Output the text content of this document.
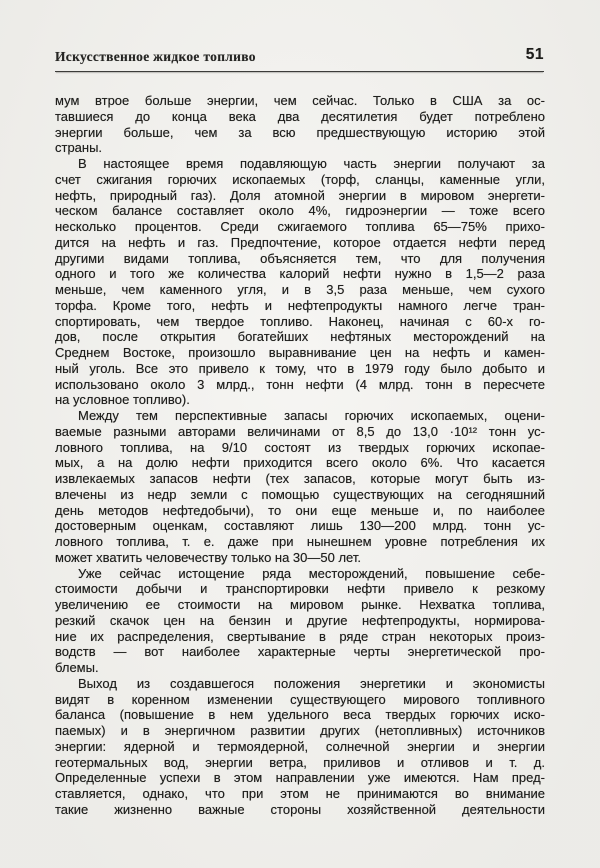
Искусственное жидкое топливо	51
мум втрое больше энергии, чем сейчас. Только в США за ос-
тавшиеся до конца века два десятилетия будет потреблено
энергии больше, чем за всю предшествующую историю этой
страны.
В настоящее время подавляющую часть энергии получают за
счет сжигания горючих ископаемых (торф, сланцы, каменные угли,
нефть, природный газ). Доля атомной энергии в мировом энергети-
ческом балансе составляет около 4%, гидроэнергии — тоже всего
несколько процентов. Среди сжигаемого топлива 65—75% прихо-
дится на нефть и газ. Предпочтение, которое отдается нефти перед
другими видами топлива, объясняется тем, что для получения
одного и того же количества калорий нефти нужно в 1,5—2 раза
меньше, чем каменного угля, и в 3,5 раза меньше, чем сухого
торфа. Кроме того, нефть и нефтепродукты намного легче тран-
спортировать, чем твердое топливо. Наконец, начиная с 60-х го-
дов, после открытия богатейших нефтяных месторождений на
Среднем Востоке, произошло выравнивание цен на нефть и камен-
ный уголь. Все это привело к тому, что в 1979 году было добыто и
использовано около 3 млрд., тонн нефти (4 млрд. тонн в пересчете
на условное топливо).
Между тем перспективные запасы горючих ископаемых, оцени-
ваемые разными авторами величинами от 8,5 до 13,0 ·10¹² тонн ус-
ловного топлива, на 9/10 состоят из твердых горючих ископае-
мых, а на долю нефти приходится всего около 6%. Что касается
извлекаемых запасов нефти (тех запасов, которые могут быть из-
влечены из недр земли с помощью существующих на сегодняшний
день методов нефтедобычи), то они еще меньше и, по наиболее
достоверным оценкам, составляют лишь 130—200 млрд. тонн ус-
ловного топлива, т. е. даже при нынешнем уровне потребления их
может хватить человечеству только на 30—50 лет.
Уже сейчас истощение ряда месторождений, повышение себе-
стоимости добычи и транспортировки нефти привело к резкому
увеличению ее стоимости на мировом рынке. Нехватка топлива,
резкий скачок цен на бензин и другие нефтепродукты, нормирова-
ние их распределения, свертывание в ряде стран некоторых произ-
водств — вот наиболее характерные черты энергетической про-
блемы.
Выход из создавшегося положения энергетики и экономисты
видят в коренном изменении существующего мирового топливного
баланса (повышение в нем удельного веса твердых горючих иско-
паемых) и в энергичном развитии других (нетопливных) источников
энергии: ядерной и термоядерной, солнечной энергии и энергии
геотермальных вод, энергии ветра, приливов и отливов и т. д.
Определенные успехи в этом направлении уже имеются. Нам пред-
ставляется, однако, что при этом не принимаются во внимание
такие жизненно важные стороны хозяйственной деятельности
